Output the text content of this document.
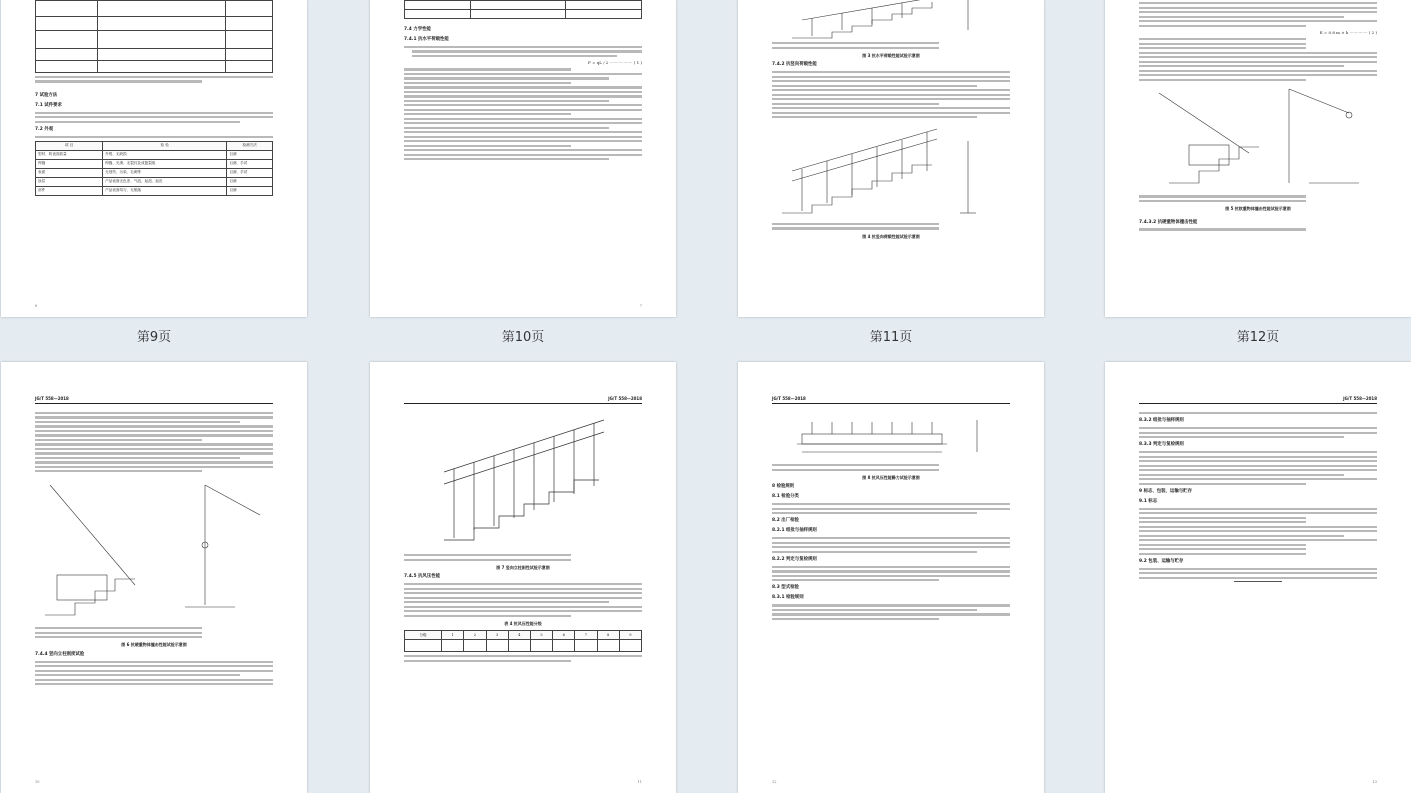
7 试验方法
7.1 试件要求
7.2 外观
项 目	检 验	检测方法
型材、防表面质量	外观、无缺损	目测
焊缝	焊缝、光滑、无裂纹及成篮裂痕	目测、手试
表面	无划伤、污染、毛刺等	目测、手试
涂层	产品表面无色差、气泡、起泡、起皮	目测
部件	产品表面均匀、无脱落	目测
8
第9页

7.4 力学性能
7.4.1 抗水平荷载性能
F = qL / 2 ·················· ( 1 )
7
第10页
图 3 抗水平荷载性能试验示意图
7.4.2 抗竖向荷载性能
图 4 抗竖向荷载性能试验示意图
第11页
E = 0.8 m × h ·············· ( 2 )
图 5 抗软重物体撞击性能试验示意图
7.4.3.2 抗硬重物体撞击性能
第12页
JG/T 558—2018
图 6 抗硬重物体撞击性能试验示意图
7.4.4 竖向立柱刚度试验
10
JG/T 558—2018
图 7 竖向立柱刚性试验示意图
7.4.5 抗风压性能
表 4 抗风压性能分级
分级	1	2	3	4	5	6	7	8	9

11
JG/T 558—2018
图 8 抗风压性能静力试验示意图
8 检验规则
8.1 检验分类
8.2 出厂检验
8.2.1 组批与抽样规则
8.2.2 判定与复检规则
8.3 型式检验
8.3.1 检验规则
12
JG/T 558—2018
8.3.2 组批与抽样规则
8.3.3 判定与复检规则
9 标志、包装、运输与贮存
9.1 标志
9.2 包装、运输与贮存
13
